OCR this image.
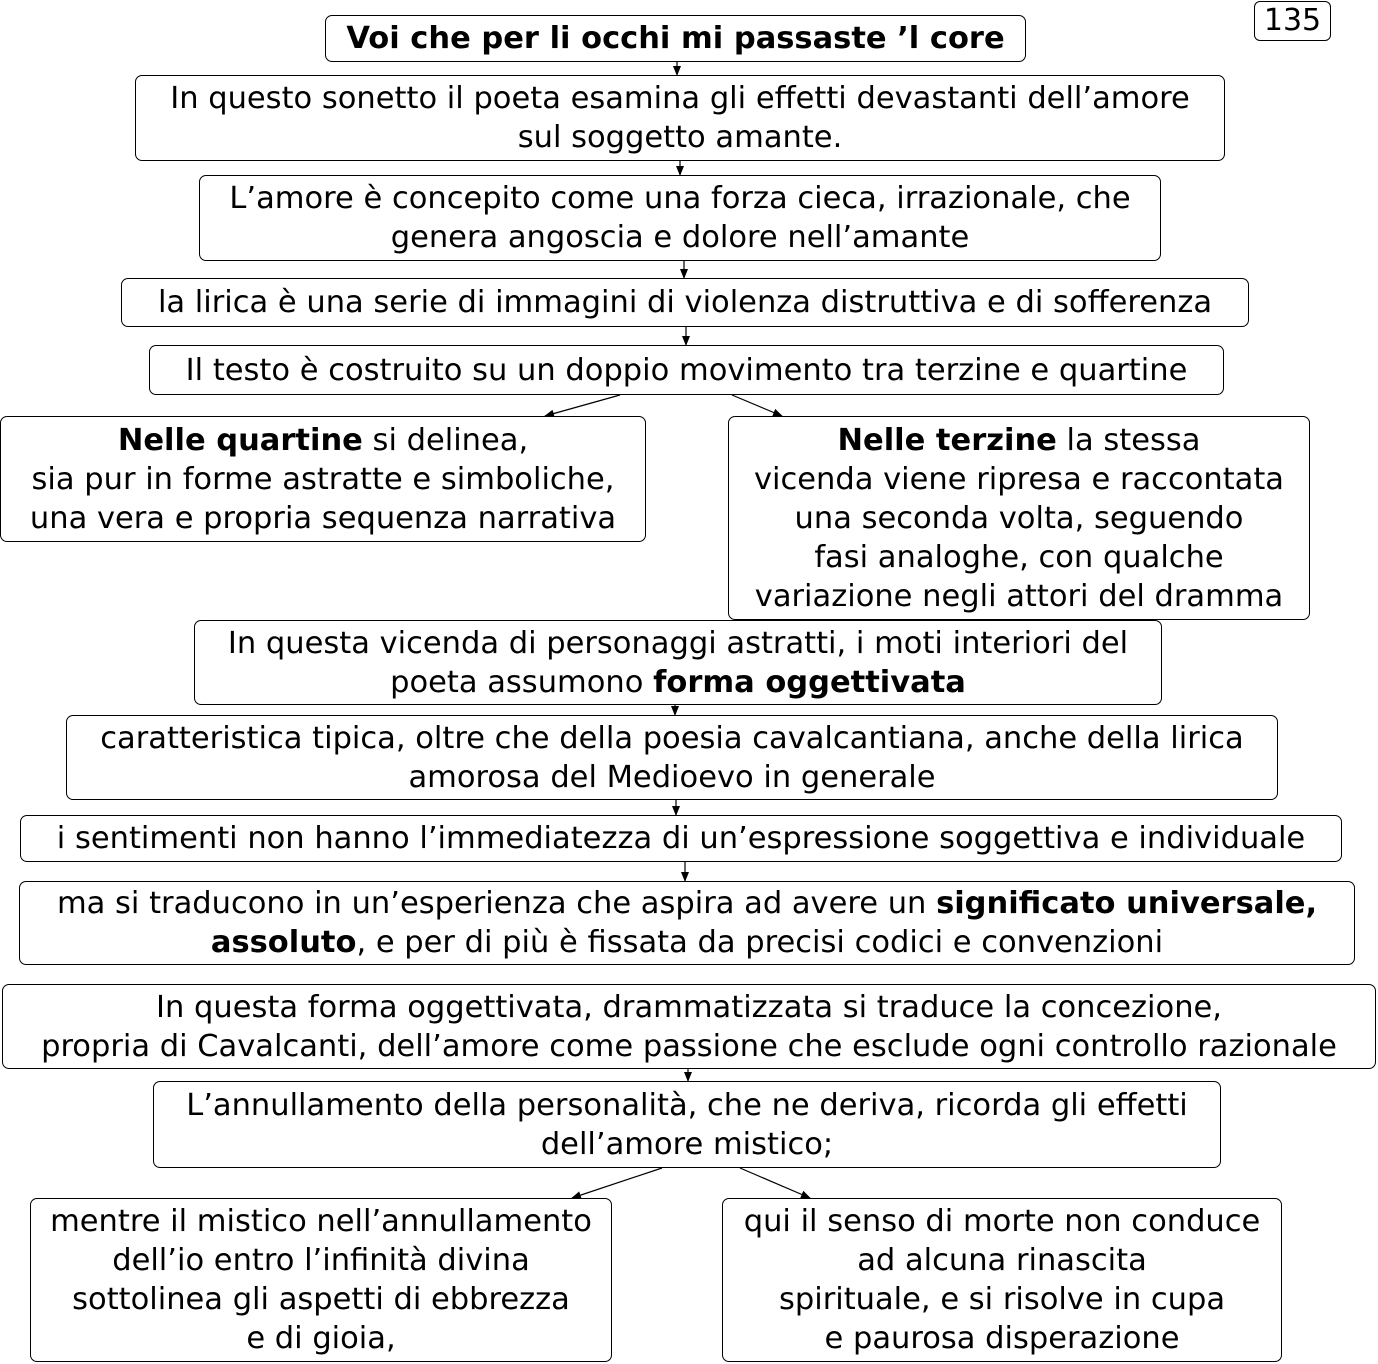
135
Voi che per li occhi mi passaste ’l core
In questo sonetto il poeta esamina gli effetti devastanti dell’amore
sul soggetto amante.
L’amore è concepito come una forza cieca, irrazionale, che
genera angoscia e dolore nell’amante
la lirica è una serie di immagini di violenza distruttiva e di sofferenza
Il testo è costruito su un doppio movimento tra terzine e quartine
Nelle quartine si delinea,
sia pur in forme astratte e simboliche,
una vera e propria sequenza narrativa
Nelle terzine la stessa
vicenda viene ripresa e raccontata
una seconda volta, seguendo
fasi analoghe, con qualche
variazione negli attori del dramma
In questa vicenda di personaggi astratti, i moti interiori del
poeta assumono forma oggettivata
caratteristica tipica, oltre che della poesia cavalcantiana, anche della lirica
amorosa del Medioevo in generale
i sentimenti non hanno l’immediatezza di un’espressione soggettiva e individuale
ma si traducono in un’esperienza che aspira ad avere un significato universale,
assoluto, e per di più è fissata da precisi codici e convenzioni
In questa forma oggettivata, drammatizzata si traduce la concezione,
propria di Cavalcanti, dell’amore come passione che esclude ogni controllo razionale
L’annullamento della personalità, che ne deriva, ricorda gli effetti
dell’amore mistico;
mentre il mistico nell’annullamento
dell’io entro l’infinità divina
sottolinea gli aspetti di ebbrezza
e di gioia,
qui il senso di morte non conduce
ad alcuna rinascita
spirituale, e si risolve in cupa
e paurosa disperazione
